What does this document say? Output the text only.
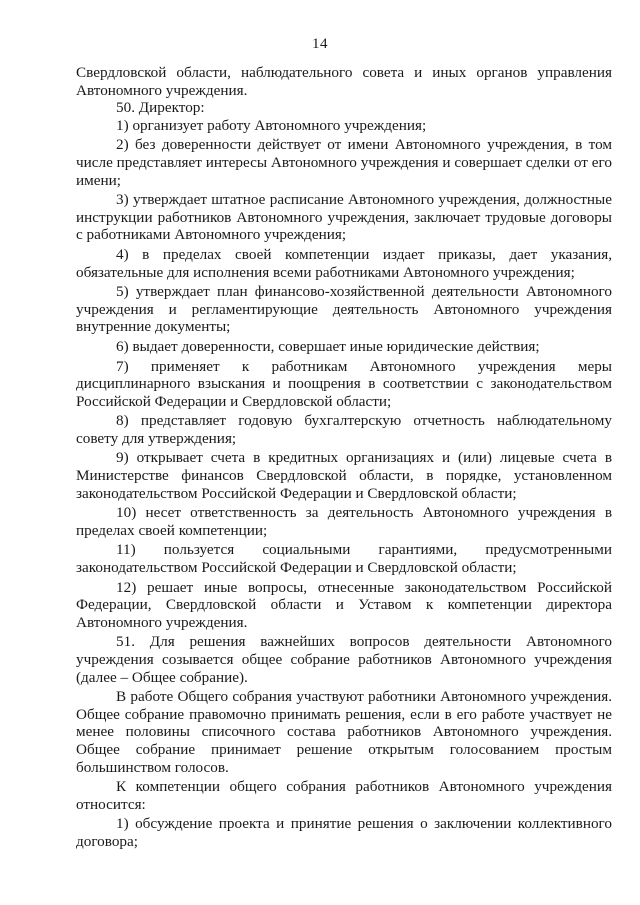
14

Свердловской области, наблюдательного совета и иных органов управления Автономного учреждения.

50. Директор:

1) организует работу Автономного учреждения;

2) без доверенности действует от имени Автономного учреждения, в том числе представляет интересы Автономного учреждения и совершает сделки от его имени;

3) утверждает штатное расписание Автономного учреждения, должностные инструкции работников Автономного учреждения, заключает трудовые договоры с работниками Автономного учреждения;

4) в пределах своей компетенции издает приказы, дает указания, обязательные для исполнения всеми работниками Автономного учреждения;

5) утверждает план финансово-хозяйственной деятельности Автономного учреждения и регламентирующие деятельность Автономного учреждения внутренние документы;

6) выдает доверенности, совершает иные юридические действия;

7) применяет к работникам Автономного учреждения меры дисциплинарного взыскания и поощрения в соответствии с законодательством Российской Федерации и Свердловской области;

8) представляет годовую бухгалтерскую отчетность наблюдательному совету для утверждения;

9) открывает счета в кредитных организациях и (или) лицевые счета в Министерстве финансов Свердловской области, в порядке, установленном законодательством Российской Федерации и Свердловской области;

10) несет ответственность за деятельность Автономного учреждения в пределах своей компетенции;

11) пользуется социальными гарантиями, предусмотренными законодательством Российской Федерации и Свердловской области;

12) решает иные вопросы, отнесенные законодательством Российской Федерации, Свердловской области и Уставом к компетенции директора Автономного учреждения.

51. Для решения важнейших вопросов деятельности Автономного учреждения созывается общее собрание работников Автономного учреждения (далее – Общее собрание).

В работе Общего собрания участвуют работники Автономного учреждения. Общее собрание правомочно принимать решения, если в его работе участвует не менее половины списочного состава работников Автономного учреждения. Общее собрание принимает решение открытым голосованием простым большинством голосов.

К компетенции общего собрания работников Автономного учреждения относится:

1) обсуждение проекта и принятие решения о заключении коллективного договора;
